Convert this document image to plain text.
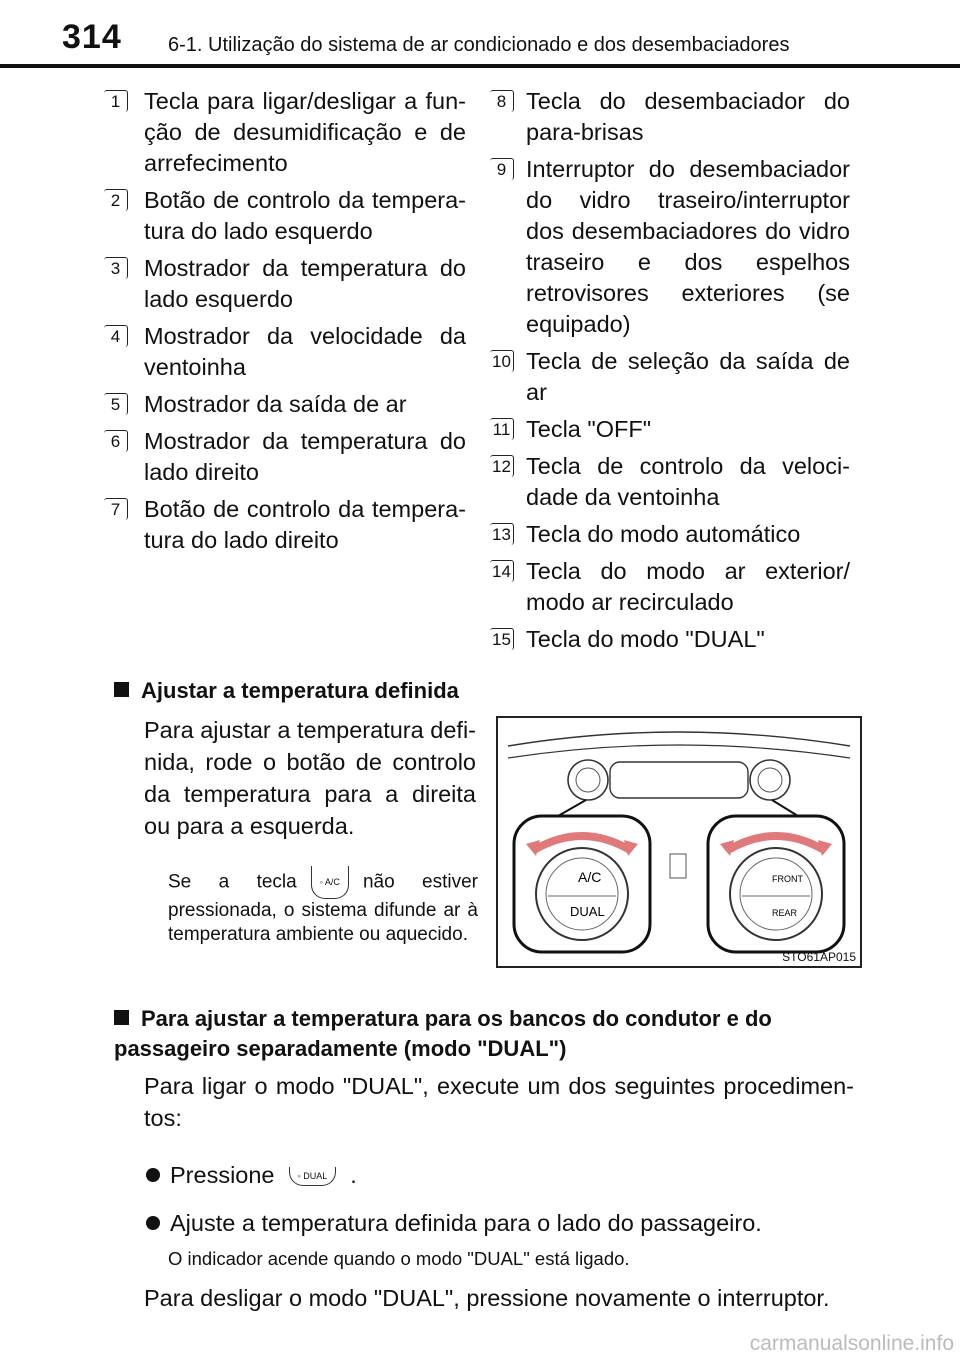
314 6-1. Utilização do sistema de ar condicionado e dos desembaciadores
1	Tecla para ligar/desligar a fun-ção de desumidificação e de arrefecimento
2	Botão de controlo da tempera-tura do lado esquerdo
3	Mostrador da temperatura do lado esquerdo
4	Mostrador da velocidade da ventoinha
5	Mostrador da saída de ar
6	Mostrador da temperatura do lado direito
7	Botão de controlo da tempera-tura do lado direito
8 Tecla do desembaciador do para-brisas
9 Interruptor do desembaciador do vidro traseiro/interruptor dos desembaciadores do vidro traseiro e dos espelhos retrovisores exteriores (se equipado)
10 Tecla de seleção da saída de ar
11 Tecla "OFF"
12 Tecla de controlo da veloci-dade da ventoinha
13 Tecla do modo automático
14 Tecla do modo ar exterior/ modo ar recirculado
15 Tecla do modo "DUAL"
Ajustar a temperatura definida
Para ajustar a temperatura defi-nida, rode o botão de controlo da temperatura para a direita ou para a esquerda.
Se a tecla	◦ A/C não estiver pressionada, o sistema difunde ar à temperatura ambiente ou aquecido.
A/C
DUAL
FRONT
REAR
STO61AP015
Para ajustar a temperatura para os bancos do condutor e do passageiro separadamente (modo "DUAL")
Para ligar o modo "DUAL", execute um dos seguintes procedimen-tos:
Pressione	◦ DUAL .
Ajuste a temperatura definida para o lado do passageiro.
O indicador acende quando o modo "DUAL" está ligado.
Para desligar o modo "DUAL", pressione novamente o interruptor.
carmanualsonline.info
